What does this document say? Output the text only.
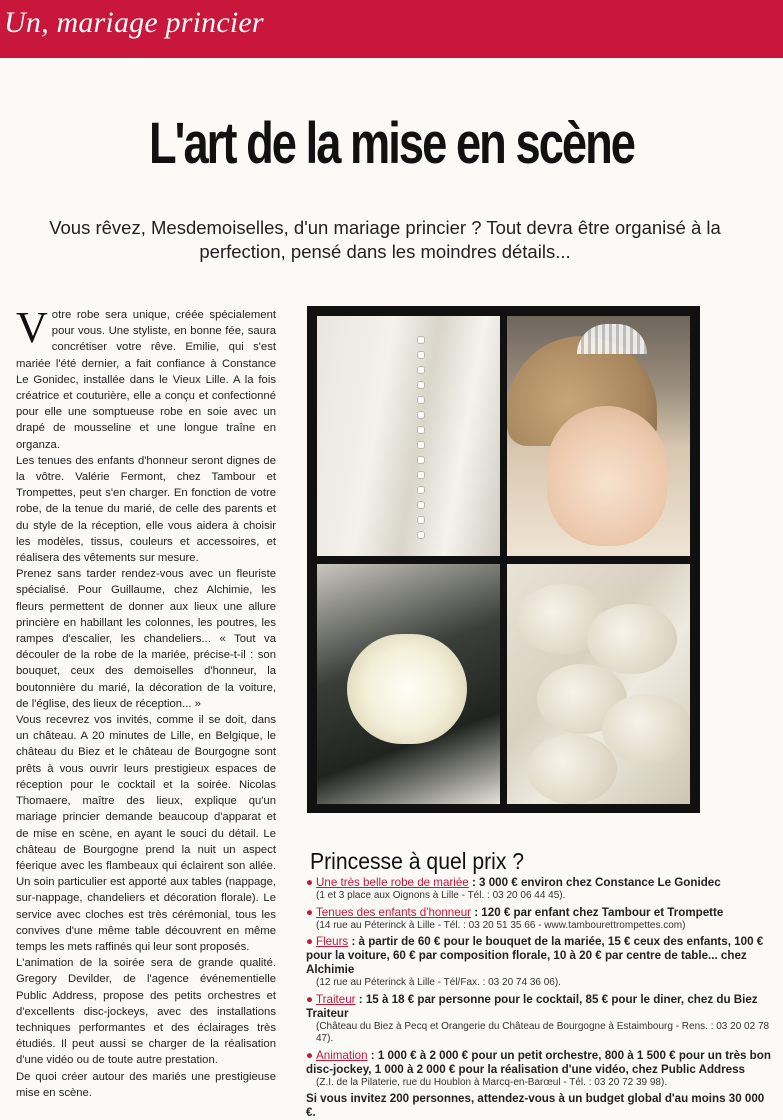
Un, mariage princier
L'art de la mise en scène
Vous rêvez, Mesdemoiselles, d'un mariage princier ? Tout devra être organisé à la perfection, pensé dans les moindres détails...

Votre robe sera unique, créée spécialement pour vous. Une styliste, en bonne fée, saura concrétiser votre rêve. Emilie, qui s'est mariée l'été dernier, a fait confiance à Constance Le Gonidec, installée dans le Vieux Lille. A la fois créatrice et couturière, elle a conçu et confectionné pour elle une somptueuse robe en soie avec un drapé de mousseline et une longue traîne en organza.

Les tenues des enfants d'honneur seront dignes de la vôtre. Valérie Fermont, chez Tambour et Trompettes, peut s'en charger. En fonction de votre robe, de la tenue du marié, de celle des parents et du style de la réception, elle vous aidera à choisir les modèles, tissus, couleurs et accessoires, et réalisera des vêtements sur mesure.

Prenez sans tarder rendez-vous avec un fleuriste spécialisé. Pour Guillaume, chez Alchimie, les fleurs permettent de donner aux lieux une allure princière en habillant les colonnes, les poutres, les rampes d'escalier, les chandeliers... « Tout va découler de la robe de la mariée, précise-t-il : son bouquet, ceux des demoiselles d'honneur, la boutonnière du marié, la décoration de la voiture, de l'église, des lieux de réception... »

Vous recevrez vos invités, comme il se doit, dans un château. A 20 minutes de Lille, en Belgique, le château du Biez et le château de Bourgogne sont prêts à vous ouvrir leurs prestigieux espaces de réception pour le cocktail et la soirée. Nicolas Thomaere, maître des lieux, explique qu'un mariage princier demande beaucoup d'apparat et de mise en scène, en ayant le souci du détail. Le château de Bourgogne prend la nuit un aspect féerique avec les flambeaux qui éclairent son allée. Un soin particulier est apporté aux tables (nappage, sur-nappage, chandeliers et décoration florale). Le service avec cloches est très cérémonial, tous les convives d'une même table découvrent en même temps les mets raffinés qui leur sont proposés.

L'animation de la soirée sera de grande qualité. Gregory Devilder, de l'agence événementielle Public Address, propose des petits orchestres et d'excellents disc-jockeys, avec des installations techniques performantes et des éclairages très étudiés. Il peut aussi se charger de la réalisation d'une vidéo ou de toute autre prestation.

De quoi créer autour des mariés une prestigieuse mise en scène.

Princesse à quel prix ?
● Une très belle robe de mariée : 3 000 € environ chez Constance Le Gonidec
(1 et 3 place aux Oignons à Lille - Tél. : 03 20 06 44 45).
● Tenues des enfants d'honneur : 120 € par enfant chez Tambour et Trompette
(14 rue au Péterinck à Lille - Tél. : 03 20 51 35 66 - www.tambourettrompettes.com)
● Fleurs : à partir de 60 € pour le bouquet de la mariée, 15 € ceux des enfants, 100 € pour la voiture, 60 € par composition florale, 10 à 20 € par centre de table... chez Alchimie
(12 rue au Péterinck à Lille - Tél/Fax. : 03 20 74 36 06).
● Traiteur : 15 à 18 € par personne pour le cocktail, 85 € pour le diner, chez du Biez Traiteur
(Château du Biez à Pecq et Orangerie du Château de Bourgogne à Estaimbourg - Rens. : 03 20 02 78 47).
● Animation : 1 000 € à 2 000 € pour un petit orchestre, 800 à 1 500 € pour un très bon disc-jockey, 1 000 à 2 000 € pour la réalisation d'une vidéo, chez Public Address
(Z.I. de la Pilaterie, rue du Houblon à Marcq-en-Barœul - Tél. : 03 20 72 39 98).
Si vous invitez 200 personnes, attendez-vous à un budget global d'au moins 30 000 €.
